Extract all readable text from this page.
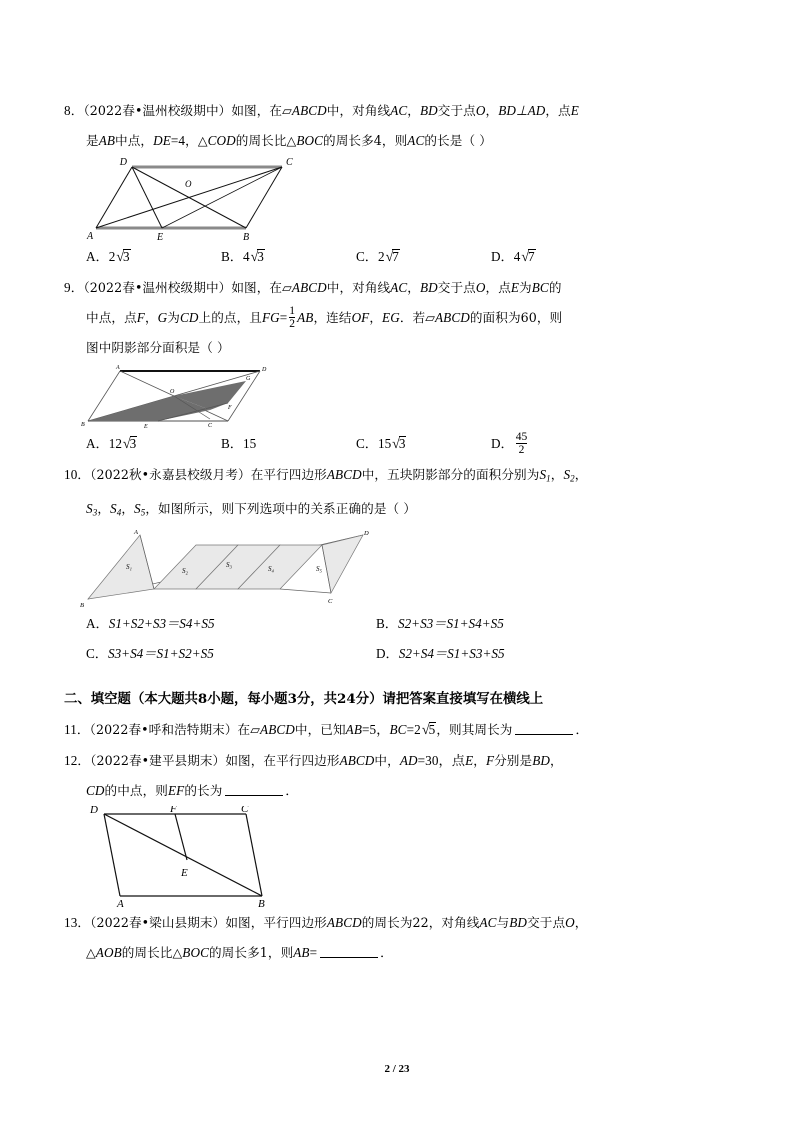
8．（2022春•温州校级期中）如图，在▱ABCD中，对角线AC，BD交于点O，BD⊥AD，点E
是AB中点，DE=4，△COD的周长比△BOC的周长多4，则AC的长是（ ）
D	C
O
A	E	B
A．2√3	B．4√3	C．2√7	D．4√7
9．（2022春•温州校级期中）如图，在▱ABCD中，对角线AC，BD交于点O，点E为BC的
中点，点F，G为CD上的点，且$FG= \frac{1}{2}$ AB，连结OF，EG．若▱ABCD的面积为60，则
图中阴影部分面积是（ ）
A	D
O
G
F
B	E	C
A．12√3	B．15	C．15√3	D． $\frac{45}{2}$
10．（2022秋•永嘉县校级月考）在平行四边形ABCD中，五块阴影部分的面积分别为$S_1$，$S_2$，
$S_3$，$S_4$，$S_5$，如图所示，则下列选项中的关系正确的是（ ）
A	D
B
C
S₁	S₂
S₃	S₄	S₅
A．S1+S2+S3＝S4+S5	B．S2+S3＝S1+S4+S5
C．S3+S4＝S1+S2+S5	D．S2+S4＝S1+S3+S5
二、填空题（本大题共8小题，每小题3分，共24分）请把答案直接填写在横线上
11．（2022春•呼和浩特期末）在▱ABCD中，已知AB=5，BC=2√5，则其周长为	．
12．（2022春•建平县期末）如图，在平行四边形ABCD中，AD=30，点E，F分别是BD，
CD的中点，则EF的长为	．
D	F	C
E
A	B
13．（2022春•梁山县期末）如图，平行四边形ABCD的周长为22，对角线AC与BD交于点O，
△AOB的周长比△BOC的周长多1，则AB=	．
2 / 23
